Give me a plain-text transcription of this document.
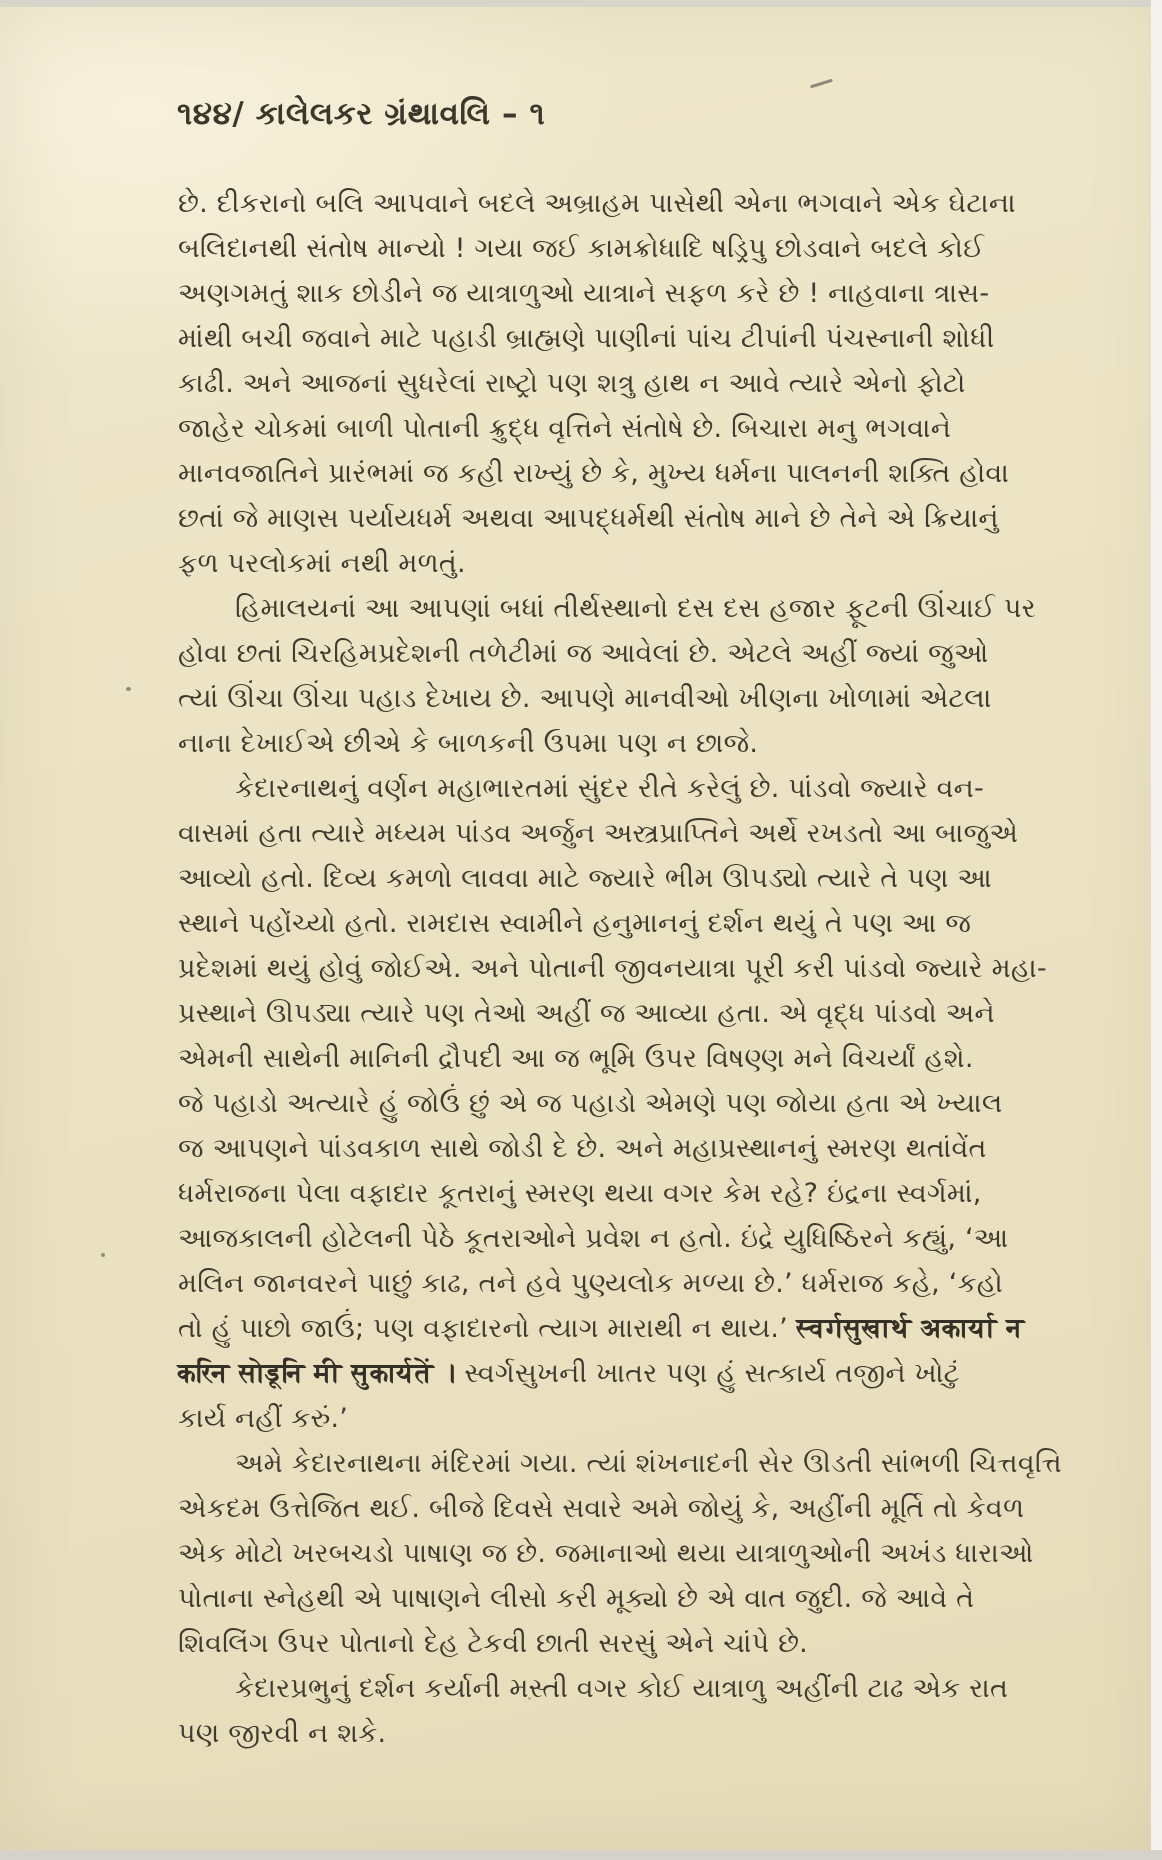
૧૪૪/ કાલેલકર ગ્રંથાવલિ – ૧
છે. દીકરાનો બલિ આપવાને બદલે અબ્રાહમ પાસેથી એના ભગવાને એક ઘેટાના
બલિદાનથી સંતોષ માન્યો ! ગયા જઈ કામક્રોધાદિ ષડ્રિપુ છોડવાને બદલે કોઈ
અણગમતું શાક છોડીને જ યાત્રાળુઓ યાત્રાને સફળ કરે છે ! નાહવાના ત્રાસ-
માંથી બચી જવાને માટે પહાડી બ્રાહ્મણે પાણીનાં પાંચ ટીપાંની પંચસ્નાની શોધી
કાઢી. અને આજનાં સુધરેલાં રાષ્ટ્રો પણ શત્રુ હાથ ન આવે ત્યારે એનો ફોટો
જાહેર ચોકમાં બાળી પોતાની ક્રુદ્ધ વૃત્તિને સંતોષે છે. બિચારા મનુ ભગવાને
માનવજાતિને પ્રારંભમાં જ કહી રાખ્યું છે કે, મુખ્ય ધર્મના પાલનની શક્તિ હોવા
છતાં જે માણસ પર્યાયધર્મ અથવા આપદ્ધર્મથી સંતોષ માને છે તેને એ ક્રિયાનું
ફળ પરલોકમાં નથી મળતું.
હિમાલયનાં આ આપણાં બધાં તીર્થસ્થાનો દસ દસ હજાર ફૂટની ઊંચાઈ પર
હોવા છતાં ચિરહિમપ્રદેશની તળેટીમાં જ આવેલાં છે. એટલે અહીં જ્યાં જુઓ
ત્યાં ઊંચા ઊંચા પહાડ દેખાય છે. આપણે માનવીઓ ખીણના ખોળામાં એટલા
નાના દેખાઈએ છીએ કે બાળકની ઉપમા પણ ન છાજે.
કેદારનાથનું વર્ણન મહાભારતમાં સુંદર રીતે કરેલું છે. પાંડવો જ્યારે વન-
વાસમાં હતા ત્યારે મધ્યમ પાંડવ અર્જુન અસ્ત્રપ્રાપ્તિને અર્થે રખડતો આ બાજુએ
આવ્યો હતો. દિવ્ય કમળો લાવવા માટે જ્યારે ભીમ ઊપડ્યો ત્યારે તે પણ આ
સ્થાને પહોંચ્યો હતો. રામદાસ સ્વામીને હનુમાનનું દર્શન થયું તે પણ આ જ
પ્રદેશમાં થયું હોવું જોઈએ. અને પોતાની જીવનયાત્રા પૂરી કરી પાંડવો જ્યારે મહા-
પ્રસ્થાને ઊપડ્યા ત્યારે પણ તેઓ અહીં જ આવ્યા હતા. એ વૃદ્ધ પાંડવો અને
એમની સાથેની માનિની દ્રૌપદી આ જ ભૂમિ ઉપર વિષણ્ણ મને વિચર્યાં હશે.
જે પહાડો અત્યારે હું જોઉં છું એ જ પહાડો એમણે પણ જોયા હતા એ ખ્યાલ
જ આપણને પાંડવકાળ સાથે જોડી દે છે. અને મહાપ્રસ્થાનનું સ્મરણ થતાંવેંત
ધર્મરાજના પેલા વફાદાર કૂતરાનું સ્મરણ થયા વગર કેમ રહે? ઇંદ્રના સ્વર્ગમાં,
આજકાલની હોટેલની પેઠે કૂતરાઓને પ્રવેશ ન હતો. ઇંદ્રે યુધિષ્ઠિરને કહ્યું, ‘આ
મલિન જાનવરને પાછું કાઢ, તને હવે પુણ્યલોક મળ્યા છે.’ ધર્મરાજ કહે, ‘કહો
તો હું પાછો જાઉં; પણ વફાદારનો ત્યાગ મારાથી ન થાય.’ स्वर्गसुखार्थ अकार्या न
करिन सोडूनि मी सुकार्यतें । સ્વર્ગસુખની ખાતર પણ હું સત્કાર્ય તજીને ખોટું
કાર્ય નહીં કરું.’
અમે કેદારનાથના મંદિરમાં ગયા. ત્યાં શંખનાદની સેર ઊડતી સાંભળી ચિત્તવૃત્તિ
એકદમ ઉત્તેજિત થઈ. બીજે દિવસે સવારે અમે જોયું કે, અહીંની મૂર્તિ તો કેવળ
એક મોટો ખરબચડો પાષાણ જ છે. જમાનાઓ થયા યાત્રાળુઓની અખંડ ધારાઓ
પોતાના સ્નેહથી એ પાષાણને લીસો કરી મૂક્યો છે એ વાત જુદી. જે આવે તે
શિવલિંગ ઉપર પોતાનો દેહ ટેકવી છાતી સરસું એને ચાંપે છે.
કેદારપ્રભુનું દર્શન કર્યાની મસ્તી વગર કોઈ યાત્રાળુ અહીંની ટાઢ એક રાત
પણ જીરવી ન શકે.
